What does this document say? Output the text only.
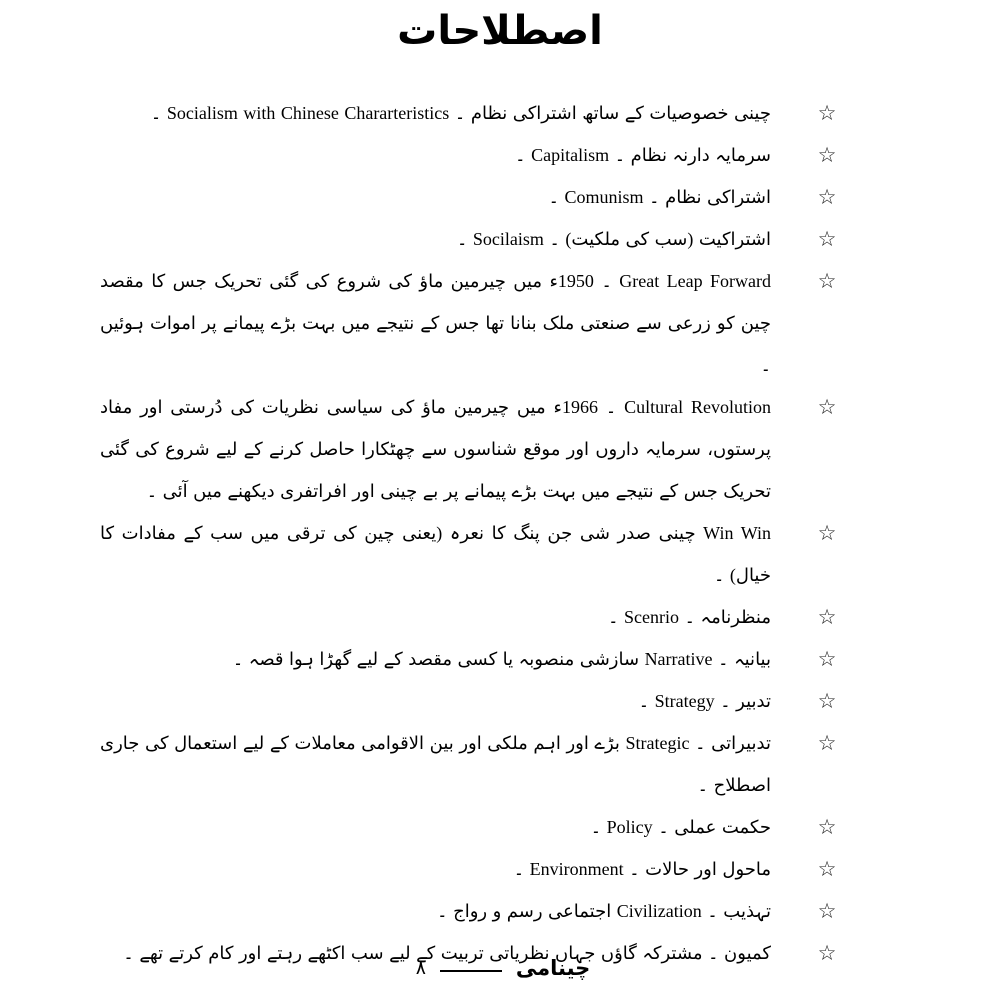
اصطلاحات
☆
چینی خصوصیات کے ساتھ اشتراکی نظام ۔ Socialism with Chinese Chararteristics ۔
☆
سرمایہ دارنہ نظام ۔ Capitalism ۔
☆
اشتراکی نظام ۔ Comunism ۔
☆
اشتراکیت (سب کی ملکیت) ۔ Socilaism ۔
☆
Great Leap Forward ۔ 1950ء میں چیرمین ماؤ کی شروع کی گئی تحریک جس کا مقصد چین کو زرعی سے صنعتی ملک بنانا تھا جس کے نتیجے میں بہت بڑے پیمانے پر اموات ہوئیں ۔
☆
Cultural Revolution ۔ 1966ء میں چیرمین ماؤ کی سیاسی نظریات کی دُرستی اور مفاد پرستوں، سرمایہ داروں اور موقع شناسوں سے چھٹکارا حاصل کرنے کے لیے شروع کی گئی تحریک جس کے نتیجے میں بہت بڑے پیمانے پر بے چینی اور افراتفری دیکھنے میں آئی ۔
☆
Win Win چینی صدر شی جن پنگ کا نعرہ (یعنی چین کی ترقی میں سب کے مفادات کا خیال) ۔
☆
منظرنامہ ۔ Scenrio ۔
☆
بیانیہ ۔ Narrative سازشی منصوبہ یا کسی مقصد کے لیے گھڑا ہوا قصہ ۔
☆
تدبیر ۔ Strategy ۔
☆
تدبیراتی ۔ Strategic بڑے اور اہم ملکی اور بین الاقوامی معاملات کے لیے استعمال کی جاری اصطلاح ۔
☆
حکمت عملی ۔ Policy ۔
☆
ماحول اور حالات ۔ Environment ۔
☆
تہذیب ۔ Civilization اجتماعی رسم و رواج ۔
☆
کمیون ۔ مشترکہ گاؤں جہاں نظریاتی تربیت کے لیے سب اکٹھے رہتے اور کام کرتے تھے ۔
چینامی
۸
